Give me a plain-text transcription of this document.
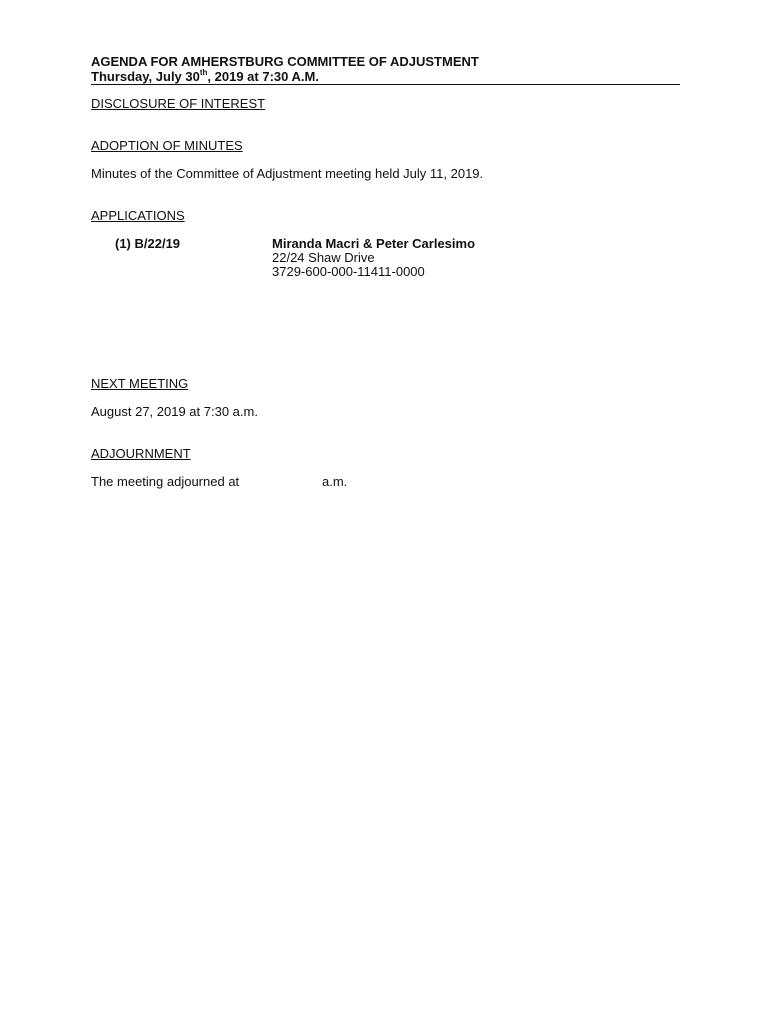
AGENDA FOR AMHERSTBURG COMMITTEE OF ADJUSTMENT
Thursday, July 30th, 2019 at 7:30 A.M.
DISCLOSURE OF INTEREST
ADOPTION OF MINUTES
Minutes of the Committee of Adjustment meeting held July 11, 2019.
APPLICATIONS
(1) B/22/19	Miranda Macri & Peter Carlesimo
22/24 Shaw Drive
3729-600-000-11411-0000
NEXT MEETING
August 27, 2019 at 7:30 a.m.
ADJOURNMENT
The meeting adjourned at	a.m.
